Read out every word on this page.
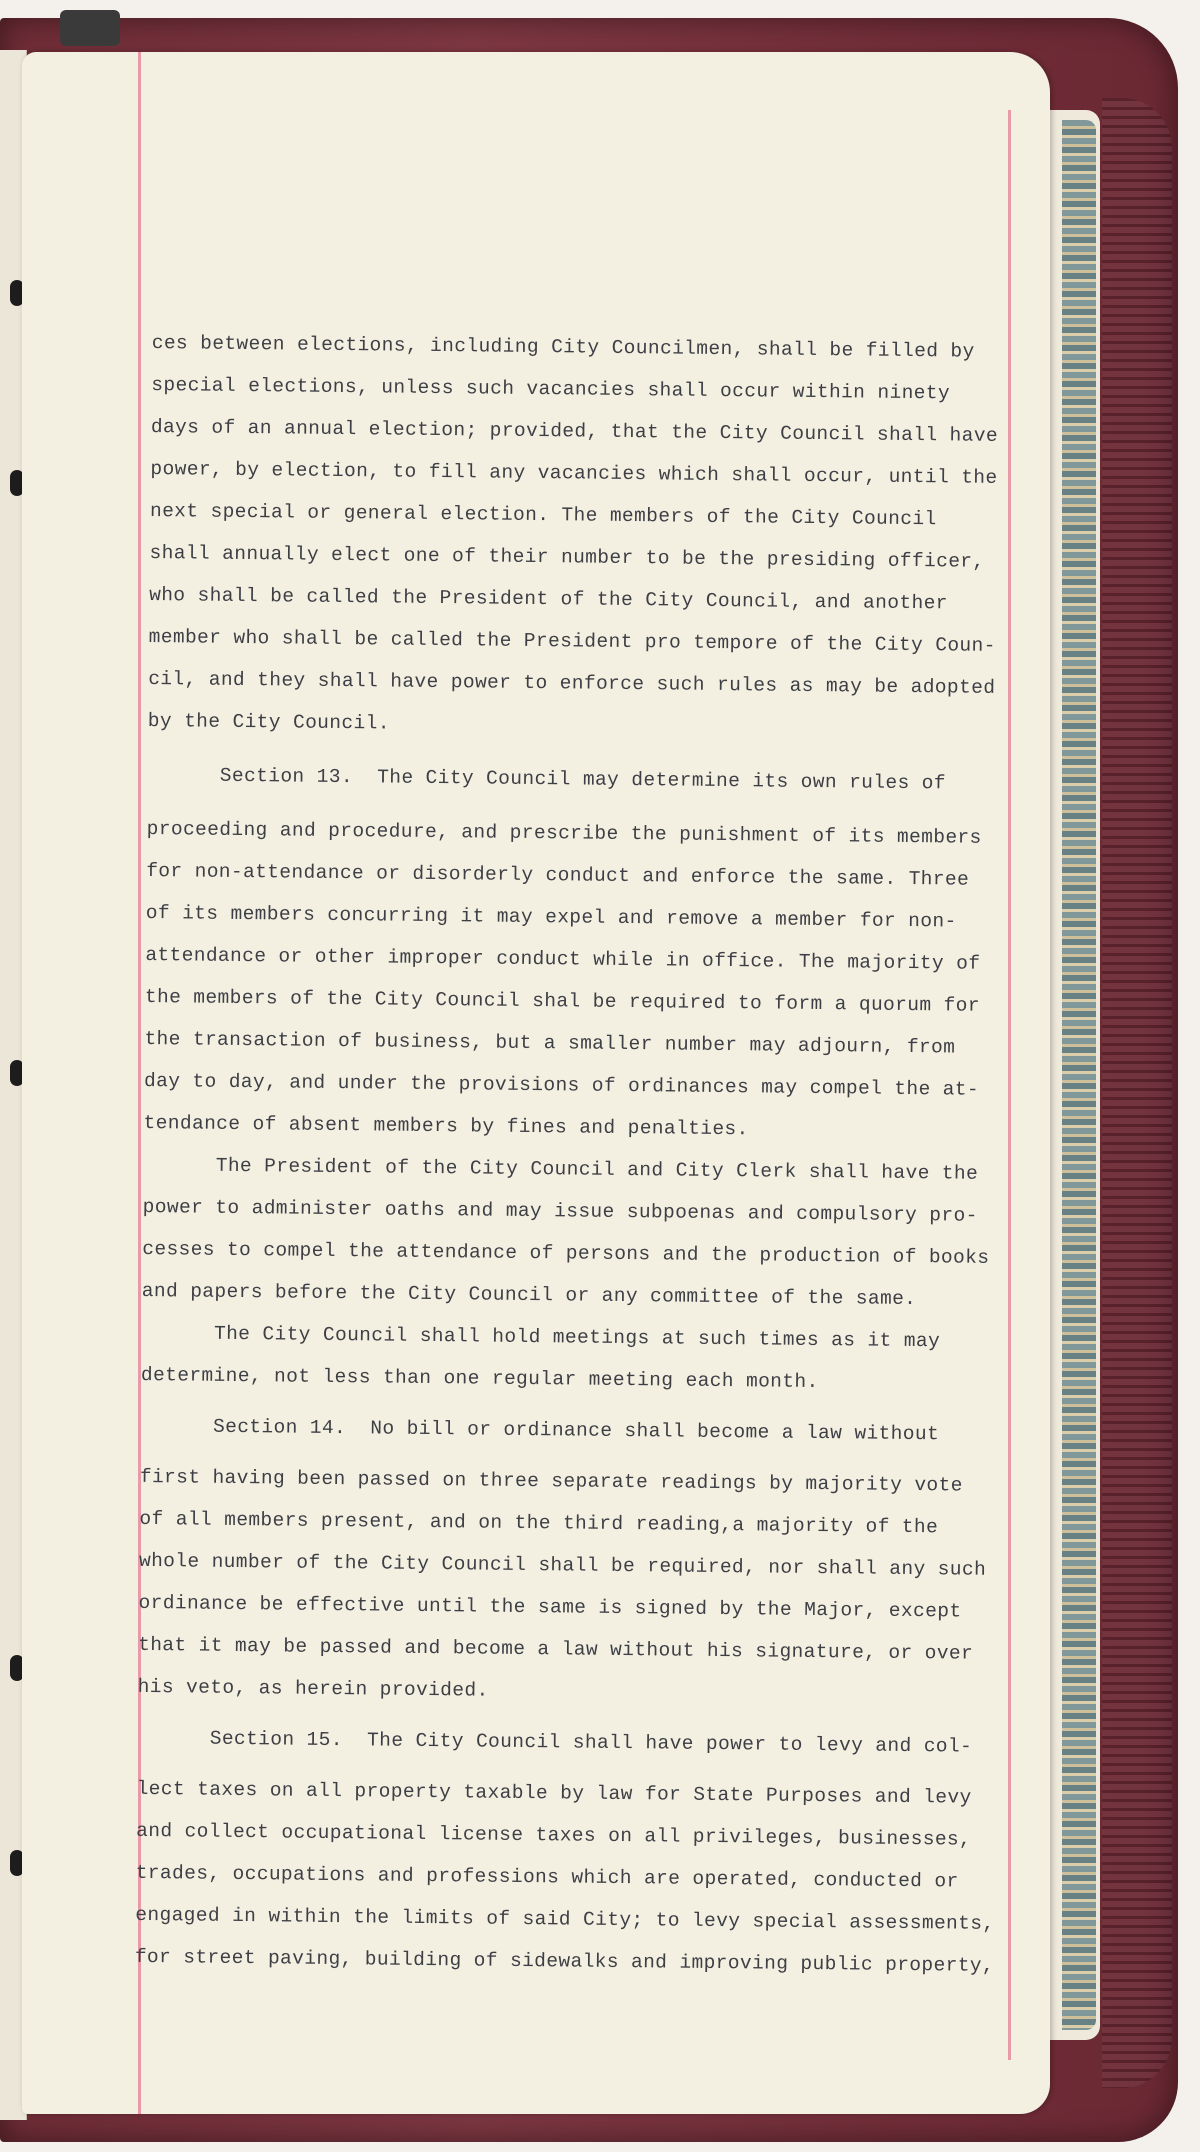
ces between elections, including City Councilmen, shall be filled by
special elections, unless such vacancies shall occur within ninety
days of an annual election; provided, that the City Council shall have
power, by election, to fill any vacancies which shall occur, until the
next special or general election. The members of the City Council
shall annually elect one of their number to be the presiding officer,
who shall be called the President of the City Council, and another
member who shall be called the President pro tempore of the City Coun-
cil, and they shall have power to enforce such rules as may be adopted
by the City Council.
Section 13.  The City Council may determine its own rules of
proceeding and procedure, and prescribe the punishment of its members
for non-attendance or disorderly conduct and enforce the same. Three
of its members concurring it may expel and remove a member for non-
attendance or other improper conduct while in office. The majority of
the members of the City Council shal be required to form a quorum for
the transaction of business, but a smaller number may adjourn, from
day to day, and under the provisions of ordinances may compel the at-
tendance of absent members by fines and penalties.
The President of the City Council and City Clerk shall have the
power to administer oaths and may issue subpoenas and compulsory pro-
cesses to compel the attendance of persons and the production of books
and papers before the City Council or any committee of the same.
The City Council shall hold meetings at such times as it may
determine, not less than one regular meeting each month.
Section 14.  No bill or ordinance shall become a law without
first having been passed on three separate readings by majority vote
of all members present, and on the third reading,a majority of the
whole number of the City Council shall be required, nor shall any such
ordinance be effective until the same is signed by the Major, except
that it may be passed and become a law without his signature, or over
his veto, as herein provided.
Section 15.  The City Council shall have power to levy and col-
lect taxes on all property taxable by law for State Purposes and levy
and collect occupational license taxes on all privileges, businesses,
trades, occupations and professions which are operated, conducted or
engaged in within the limits of said City; to levy special assessments,
for street paving, building of sidewalks and improving public property,
